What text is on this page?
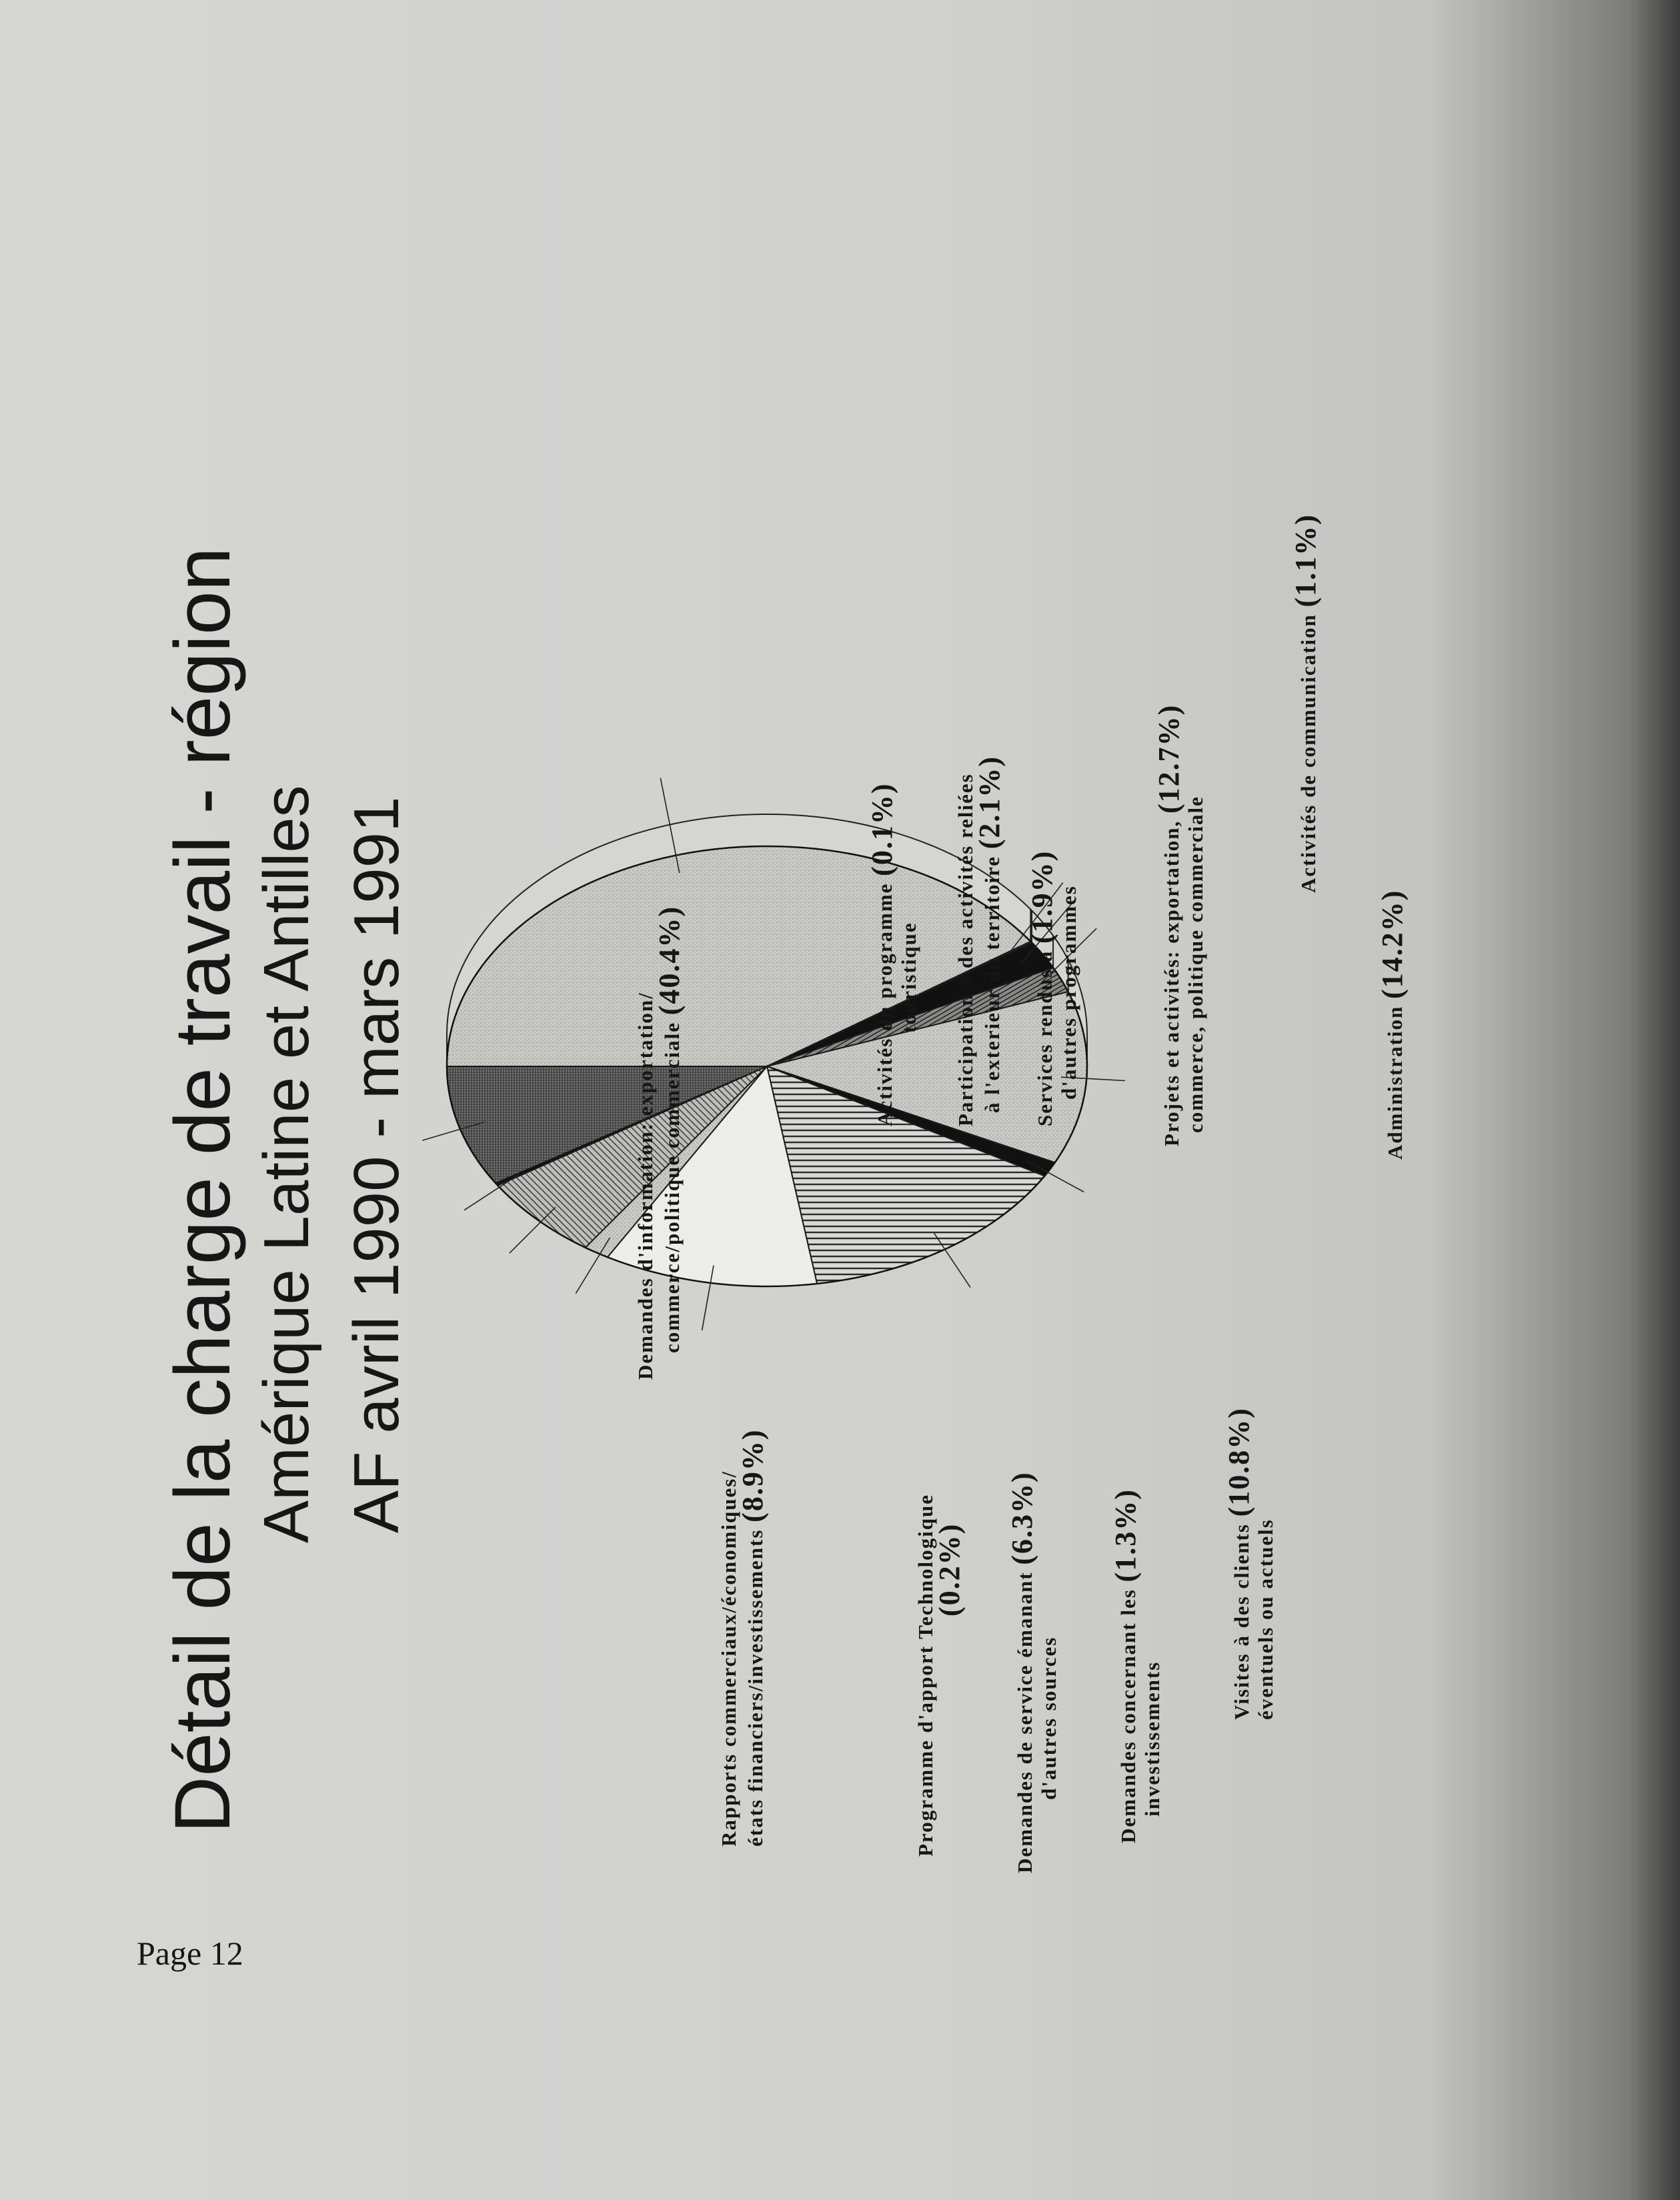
Page 12
Détail de la charge de travail - région Amérique Latine et Antilles AF avril 1990 - mars 1991	Demandes d'information: exportation/ commerce/politique commerciale (40.4%)	Activités du programme (0.1%)
touristique Participation à des activités reliées à l'exterieur du territoire (2.1%)
Services rendus à (1.9%)
d'autres programmes	Projets et activités: exportation, (12.7%)
commerce, politique commerciale
Activités de communication (1.1%)
Administration (14.2%)
Visites à des clients (10.8%)
éventuels ou actuels
Demandes concernant les (1.3%)
investissements
Demandes de service émanant (6.3%)
d'autres sources
Programme d'apport Technologique
(0.2%)
Rapports commerciaux/économiques/ états financiers/investissements (8.9%)
